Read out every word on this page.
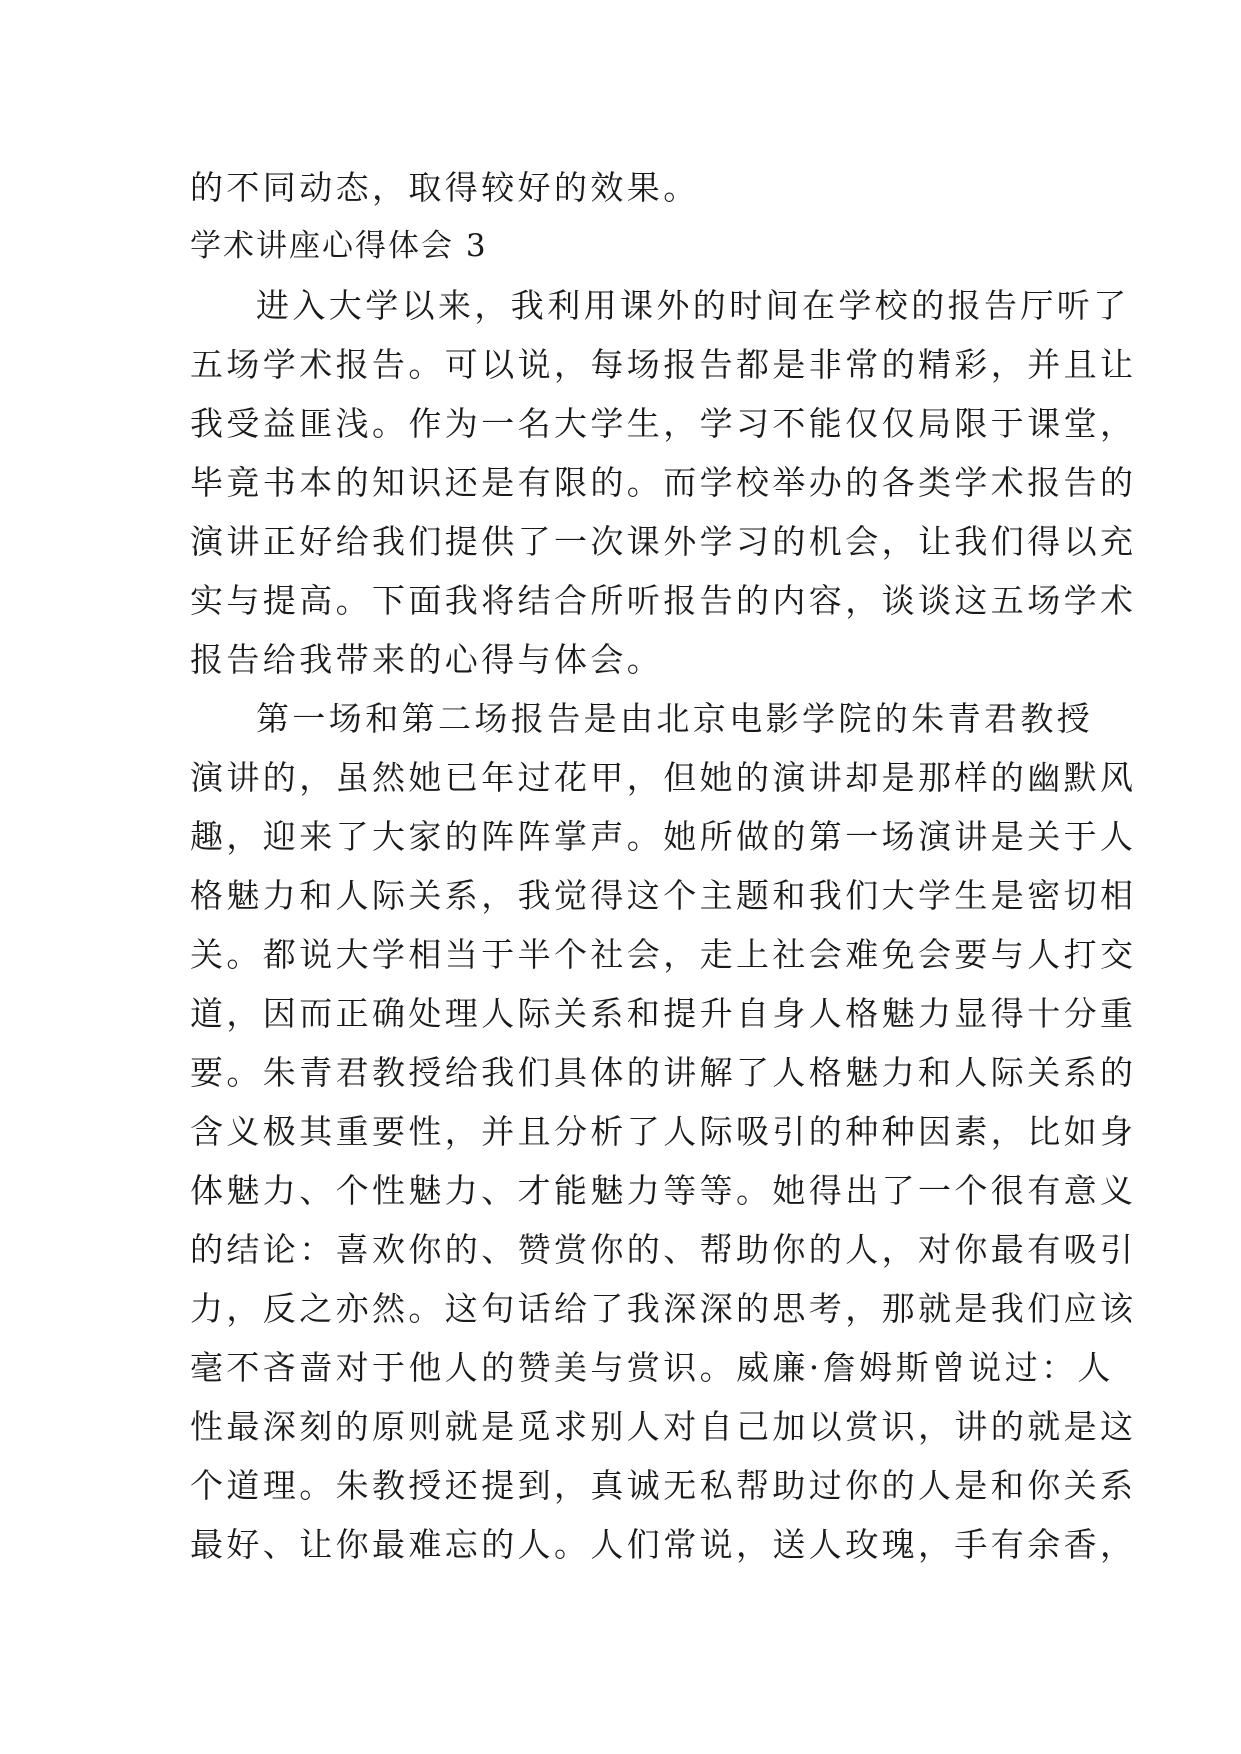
的不同动态，取得较好的效果。
学术讲座心得体会 3
进入大学以来，我利用课外的时间在学校的报告厅听了
五场学术报告。可以说，每场报告都是非常的精彩，并且让
我受益匪浅。作为一名大学生，学习不能仅仅局限于课堂，
毕竟书本的知识还是有限的。而学校举办的各类学术报告的
演讲正好给我们提供了一次课外学习的机会，让我们得以充
实与提高。下面我将结合所听报告的内容，谈谈这五场学术
报告给我带来的心得与体会。
第一场和第二场报告是由北京电影学院的朱青君教授
演讲的，虽然她已年过花甲，但她的演讲却是那样的幽默风
趣，迎来了大家的阵阵掌声。她所做的第一场演讲是关于人
格魅力和人际关系，我觉得这个主题和我们大学生是密切相
关。都说大学相当于半个社会，走上社会难免会要与人打交
道，因而正确处理人际关系和提升自身人格魅力显得十分重
要。朱青君教授给我们具体的讲解了人格魅力和人际关系的
含义极其重要性，并且分析了人际吸引的种种因素，比如身
体魅力、个性魅力、才能魅力等等。她得出了一个很有意义
的结论：喜欢你的、赞赏你的、帮助你的人，对你最有吸引
力，反之亦然。这句话给了我深深的思考，那就是我们应该
毫不吝啬对于他人的赞美与赏识。威廉·詹姆斯曾说过：人
性最深刻的原则就是觅求别人对自己加以赏识，讲的就是这
个道理。朱教授还提到，真诚无私帮助过你的人是和你关系
最好、让你最难忘的人。人们常说，送人玫瑰，手有余香，
